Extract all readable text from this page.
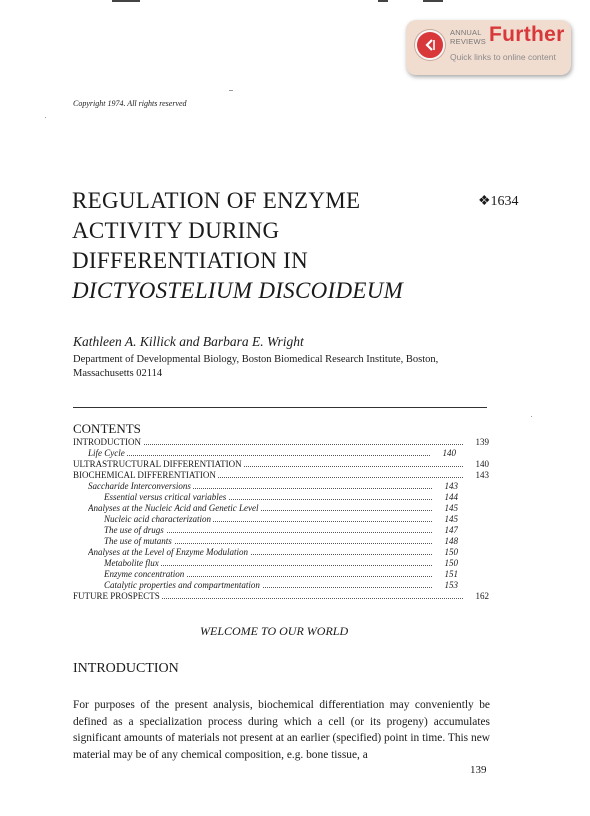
ANNUAL
REVIEWS Further
Quick links to online content
Copyright 1974. All rights reserved
REGULATION OF ENZYME
ACTIVITY DURING
DIFFERENTIATION IN
DICTYOSTELIUM DISCOIDEUM
❖1634
Kathleen A. Killick and Barbara E. Wright
Department of Developmental Biology, Boston Biomedical Research Institute, Boston,
Massachusetts 02114
CONTENTS
INTRODUCTION	139
Life Cycle	140
ULTRASTRUCTURAL DIFFERENTIATION	140
BIOCHEMICAL DIFFERENTIATION	143
Saccharide Interconversions	143
Essential versus critical variables	144
Analyses at the Nucleic Acid and Genetic Level	145
Nucleic acid characterization	145
The use of drugs	147
The use of mutants	148
Analyses at the Level of Enzyme Modulation	150
Metabolite flux	150
Enzyme concentration	151
Catalytic properties and compartmentation	153
FUTURE PROSPECTS	162
WELCOME TO OUR WORLD
INTRODUCTION
For purposes of the present analysis, biochemical differentiation may conveniently be defined as a specialization process during which a cell (or its progeny) accumulates significant amounts of materials not present at an earlier (specified) point in time. This new material may be of any chemical composition, e.g. bone tissue, a
139
